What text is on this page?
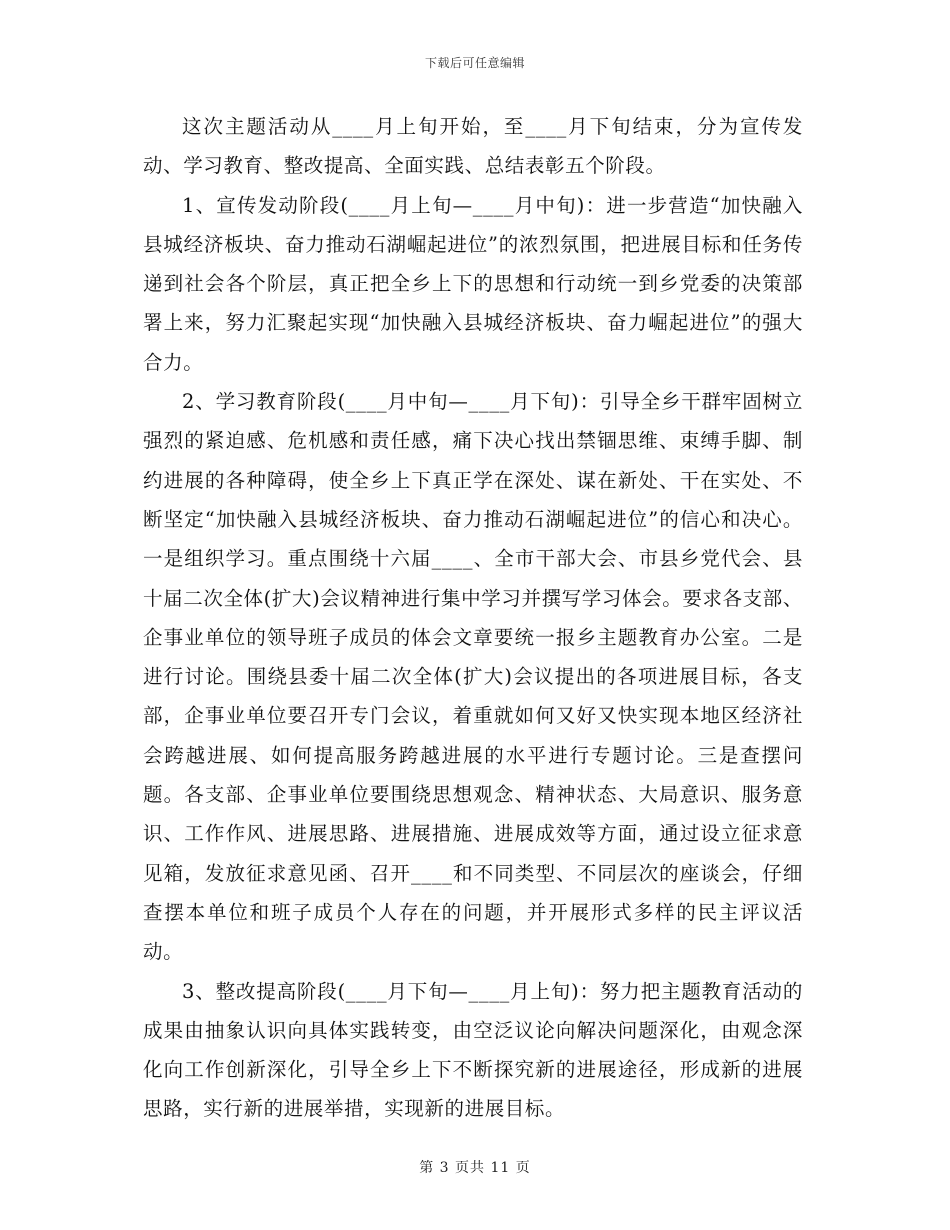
下载后可任意编辑

这次主题活动从____月上旬开始，至____月下旬结束，分为宣传发动、学习教育、整改提高、全面实践、总结表彰五个阶段。

1、宣传发动阶段(____月上旬—____月中旬)：进一步营造“加快融入县城经济板块、奋力推动石湖崛起进位”的浓烈氛围，把进展目标和任务传递到社会各个阶层，真正把全乡上下的思想和行动统一到乡党委的决策部署上来，努力汇聚起实现“加快融入县城经济板块、奋力崛起进位”的强大合力。

2、学习教育阶段(____月中旬—____月下旬)：引导全乡干群牢固树立强烈的紧迫感、危机感和责任感，痛下决心找出禁锢思维、束缚手脚、制约进展的各种障碍，使全乡上下真正学在深处、谋在新处、干在实处、不断坚定“加快融入县城经济板块、奋力推动石湖崛起进位”的信心和决心。一是组织学习。重点围绕十六届____、全市干部大会、市县乡党代会、县十届二次全体(扩大)会议精神进行集中学习并撰写学习体会。要求各支部、企事业单位的领导班子成员的体会文章要统一报乡主题教育办公室。二是进行讨论。围绕县委十届二次全体(扩大)会议提出的各项进展目标，各支部，企事业单位要召开专门会议，着重就如何又好又快实现本地区经济社会跨越进展、如何提高服务跨越进展的水平进行专题讨论。三是查摆问题。各支部、企事业单位要围绕思想观念、精神状态、大局意识、服务意识、工作作风、进展思路、进展措施、进展成效等方面，通过设立征求意见箱，发放征求意见函、召开____和不同类型、不同层次的座谈会，仔细查摆本单位和班子成员个人存在的问题，并开展形式多样的民主评议活动。

3、整改提高阶段(____月下旬—____月上旬)：努力把主题教育活动的成果由抽象认识向具体实践转变，由空泛议论向解决问题深化，由观念深化向工作创新深化，引导全乡上下不断探究新的进展途径，形成新的进展思路，实行新的进展举措，实现新的进展目标。

第 3 页共 11 页
